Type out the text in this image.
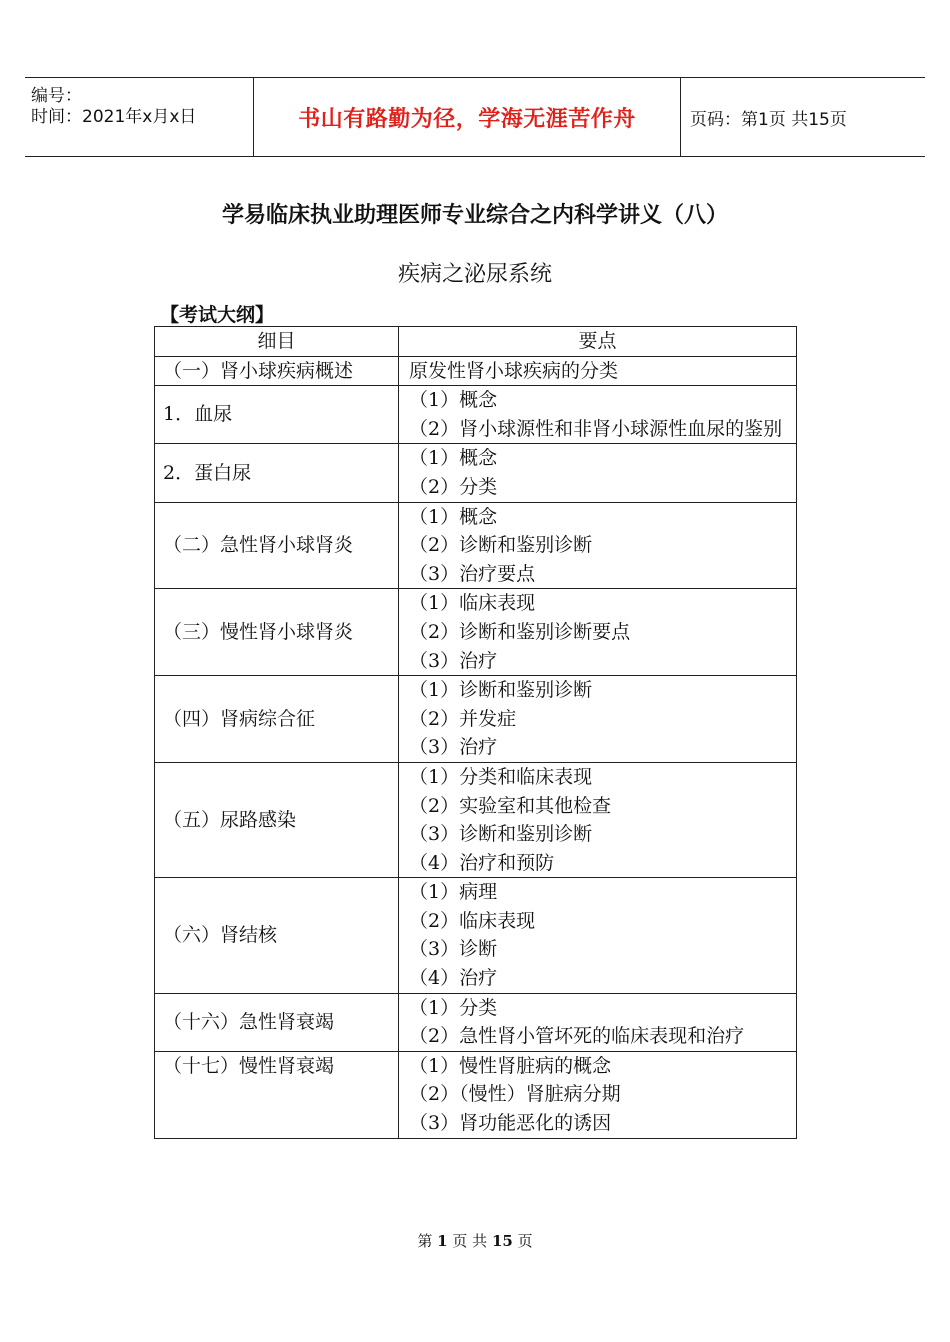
编号：
时间：2021年x月x日	书山有路勤为径，学海无涯苦作舟	页码：第1页 共15页
学易临床执业助理医师专业综合之内科学讲义（八）
疾病之泌尿系统
【考试大纲】
细目	要点
（一）肾小球疾病概述	原发性肾小球疾病的分类

1．血尿	（1）概念
（2）肾小球源性和非肾小球源性血尿的鉴别

2．蛋白尿	（1）概念
（2）分类

（二）急性肾小球肾炎	（1）概念
（2）诊断和鉴别诊断
（3）治疗要点

（三）慢性肾小球肾炎	（1）临床表现
（2）诊断和鉴别诊断要点
（3）治疗

（四）肾病综合征	（1）诊断和鉴别诊断
（2）并发症
（3）治疗

（五）尿路感染	（1）分类和临床表现
（2）实验室和其他检查
（3）诊断和鉴别诊断
（4）治疗和预防

（六）肾结核	（1）病理
（2）临床表现
（3）诊断
（4）治疗

（十六）急性肾衰竭	（1）分类
（2）急性肾小管坏死的临床表现和治疗

（十七）慢性肾衰竭	（1）慢性肾脏病的概念
（2）（慢性）肾脏病分期
（3）肾功能恶化的诱因
第 1 页 共 15 页
